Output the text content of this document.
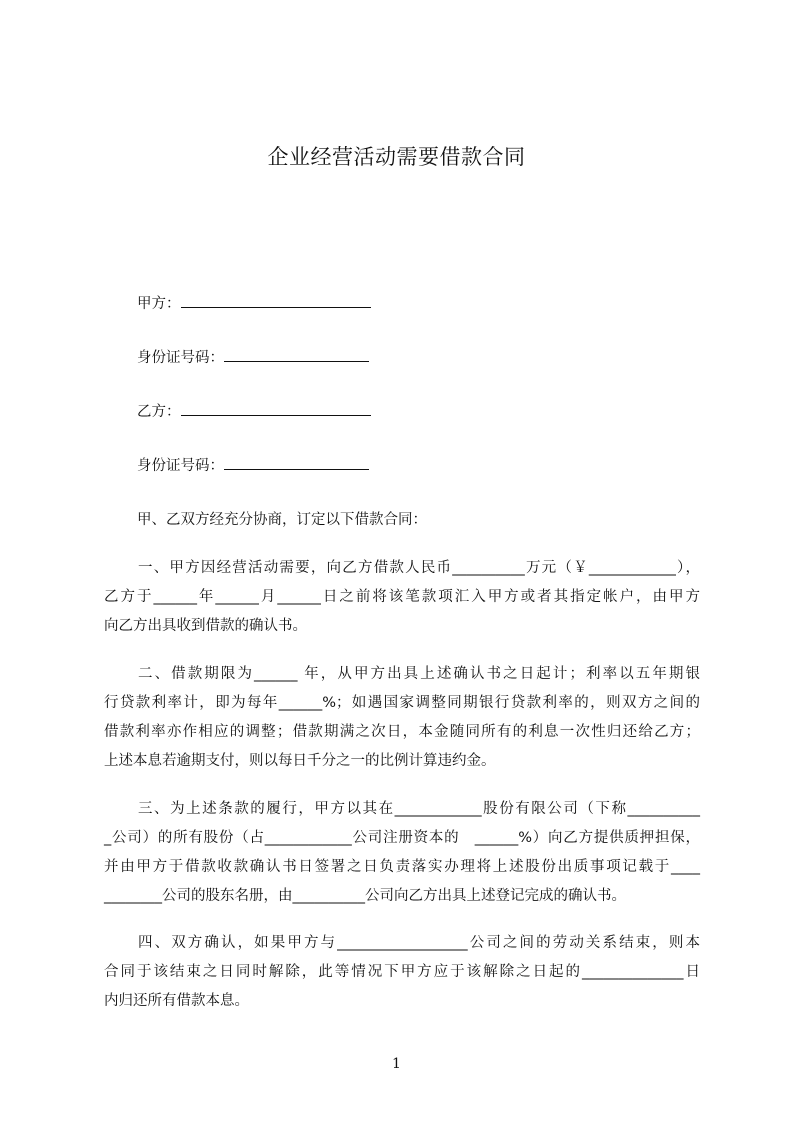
企业经营活动需要借款合同
甲方：
身份证号码：
乙方：
身份证号码：
甲、乙双方经充分协商，订定以下借款合同：
一、甲方因经营活动需要，向乙方借款人民币__________万元（￥____________），
乙方于______年______月______日之前将该笔款项汇入甲方或者其指定帐户，由甲方
向乙方出具收到借款的确认书。
二、借款期限为______ 年，从甲方出具上述确认书之日起计；利率以五年期银
行贷款利率计，即为每年______%；如遇国家调整同期银行贷款利率的，则双方之间的
借款利率亦作相应的调整；借款期满之次日，本金随同所有的利息一次性归还给乙方；
上述本息若逾期支付，则以每日千分之一的比例计算违约金。
三、为上述条款的履行，甲方以其在____________股份有限公司（下称__________
_公司）的所有股份（占____________公司注册资本的　______%）向乙方提供质押担保，
并由甲方于借款收款确认书日签署之日负责落实办理将上述股份出质事项记载于____
________公司的股东名册，由__________公司向乙方出具上述登记完成的确认书。
四、双方确认，如果甲方与__________________公司之间的劳动关系结束，则本
合同于该结束之日同时解除，此等情况下甲方应于该解除之日起的______________日
内归还所有借款本息。
1
